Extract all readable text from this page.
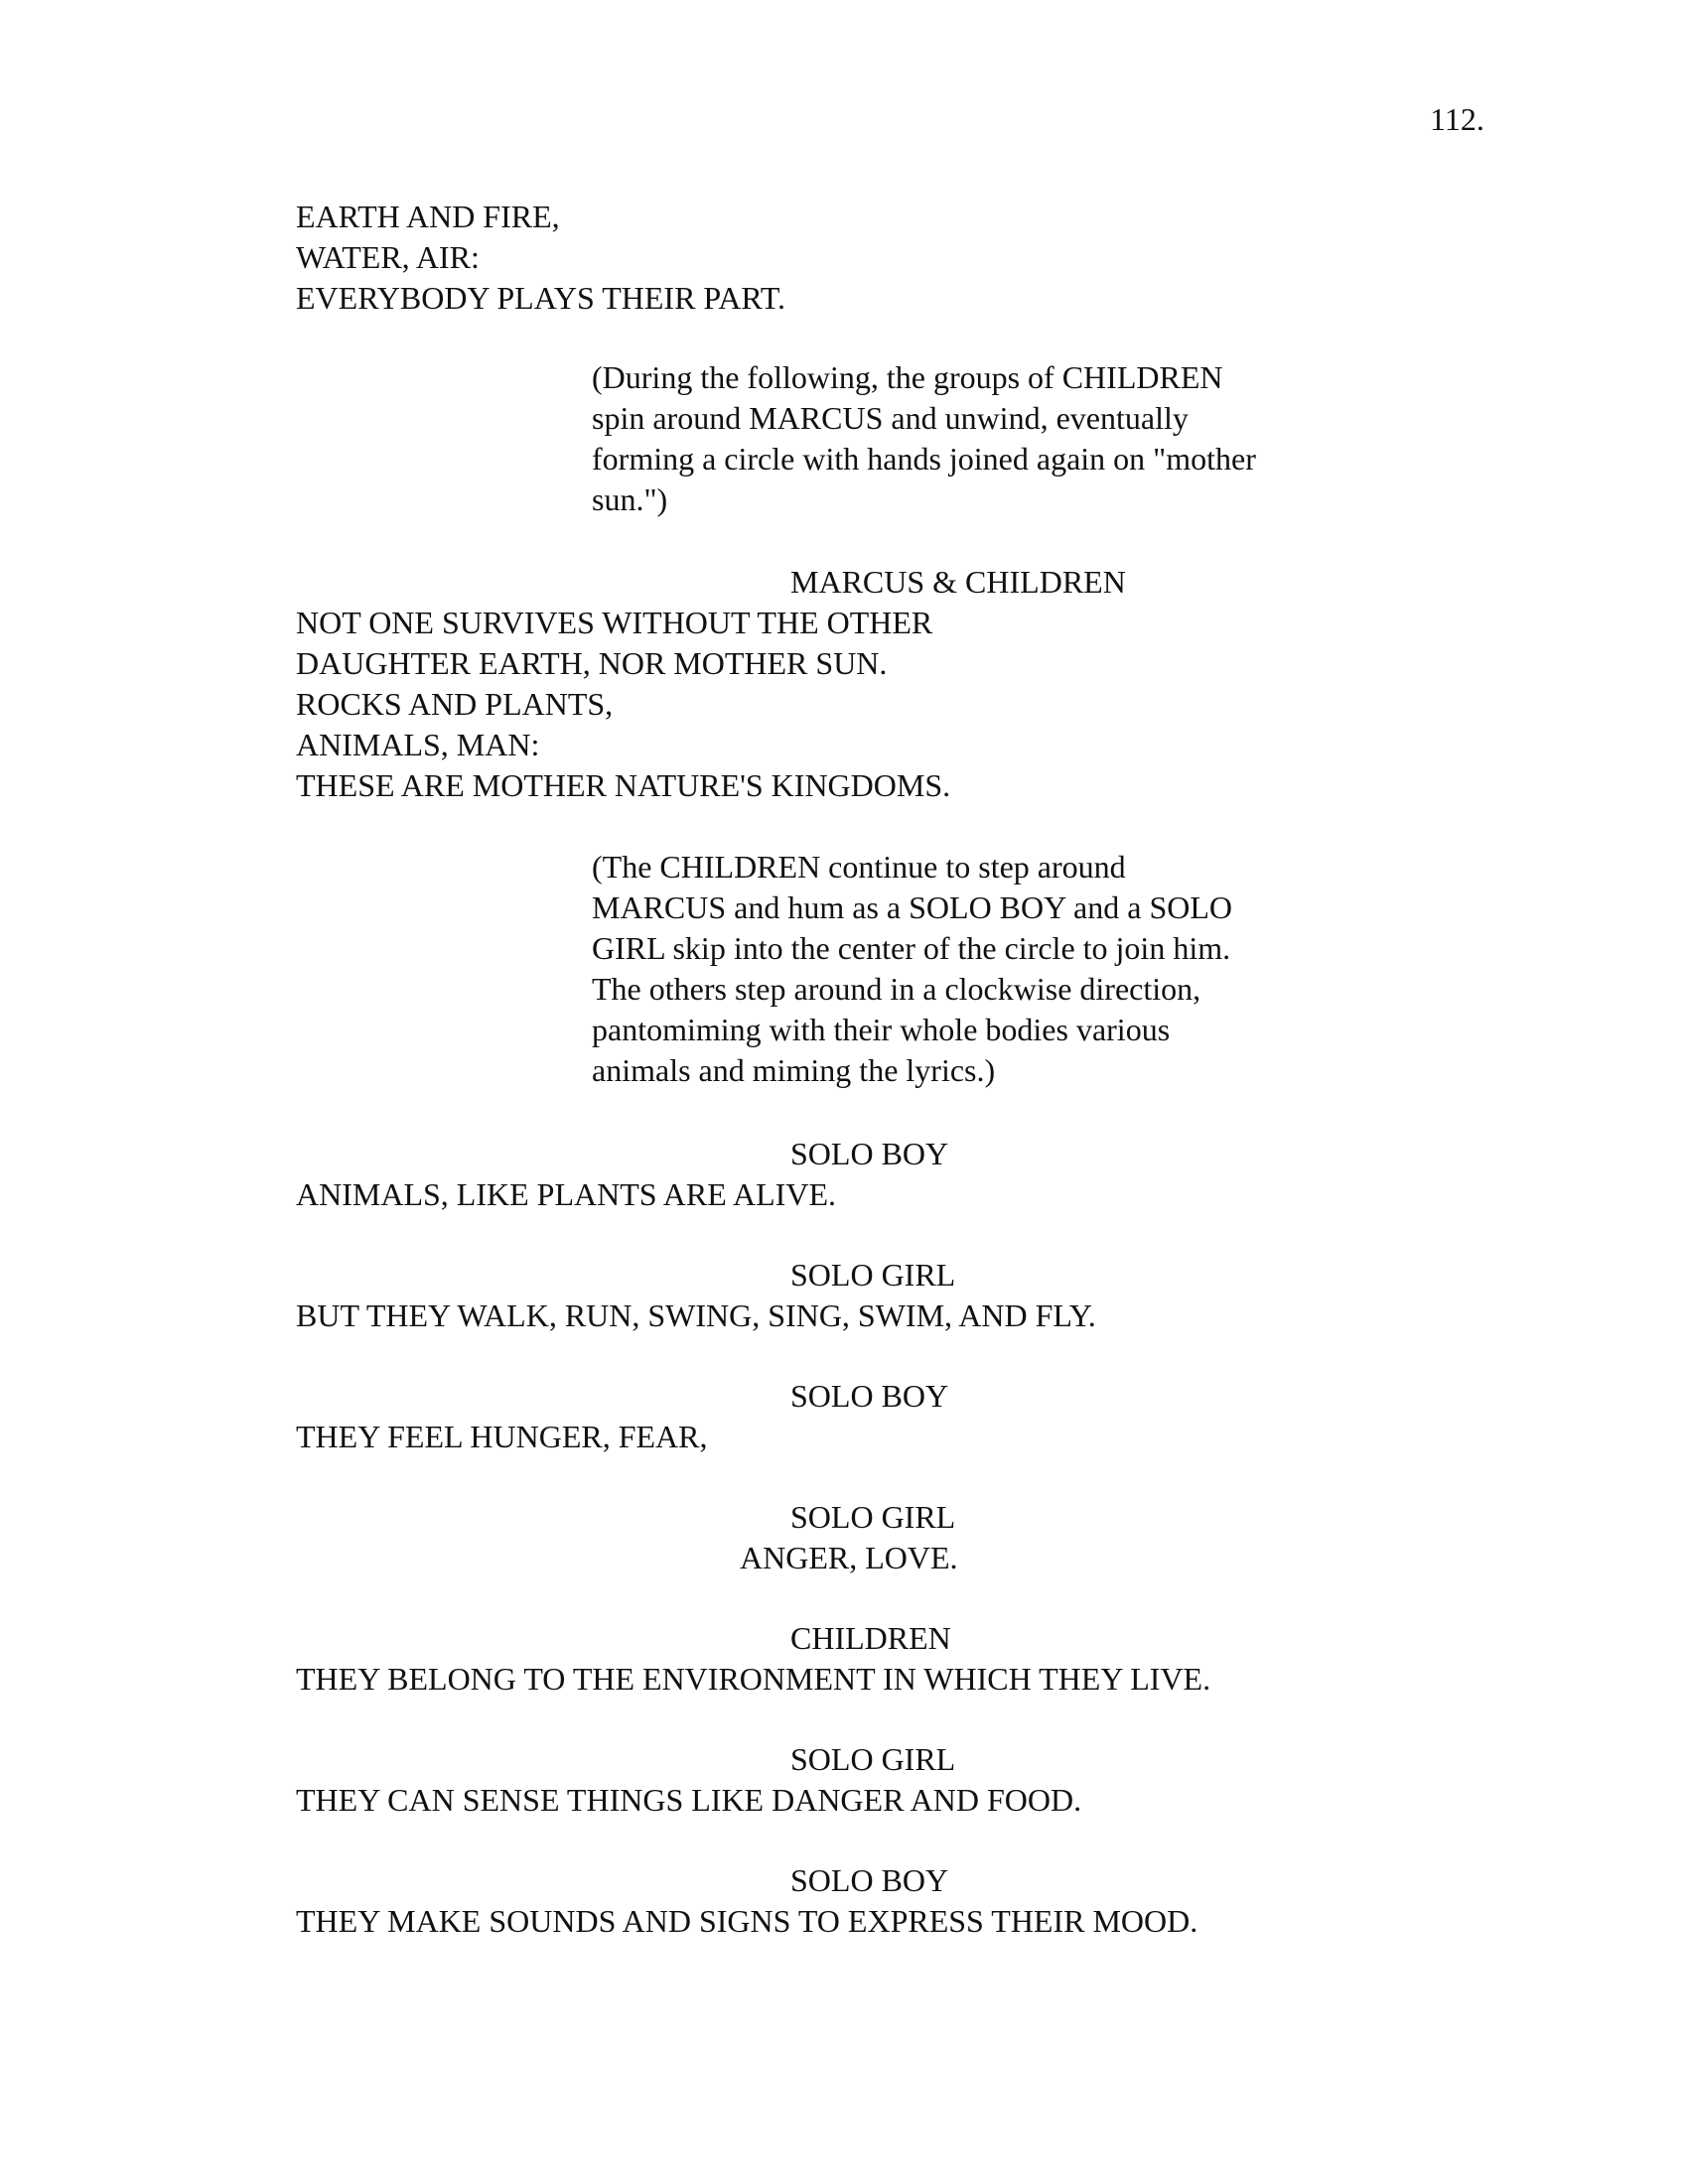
112.
EARTH AND FIRE,
WATER, AIR:
EVERYBODY PLAYS THEIR PART.
(During the following, the groups of CHILDREN
spin around MARCUS and unwind, eventually
forming a circle with hands joined again on "mother
sun.")
MARCUS & CHILDREN
NOT ONE SURVIVES WITHOUT THE OTHER
DAUGHTER EARTH, NOR MOTHER SUN.
ROCKS AND PLANTS,
ANIMALS, MAN:
THESE ARE MOTHER NATURE'S KINGDOMS.
(The CHILDREN continue to step around
MARCUS and hum as a SOLO BOY and a SOLO
GIRL skip into the center of the circle to join him.
The others step around in a clockwise direction,
pantomiming with their whole bodies various
animals and miming the lyrics.)
SOLO BOY
ANIMALS, LIKE PLANTS ARE ALIVE.
SOLO GIRL
BUT THEY WALK, RUN, SWING, SING, SWIM, AND FLY.
SOLO BOY
THEY FEEL HUNGER, FEAR,
SOLO GIRL
ANGER, LOVE.
CHILDREN
THEY BELONG TO THE ENVIRONMENT IN WHICH THEY LIVE.
SOLO GIRL
THEY CAN SENSE THINGS LIKE DANGER AND FOOD.
SOLO BOY
THEY MAKE SOUNDS AND SIGNS TO EXPRESS THEIR MOOD.
